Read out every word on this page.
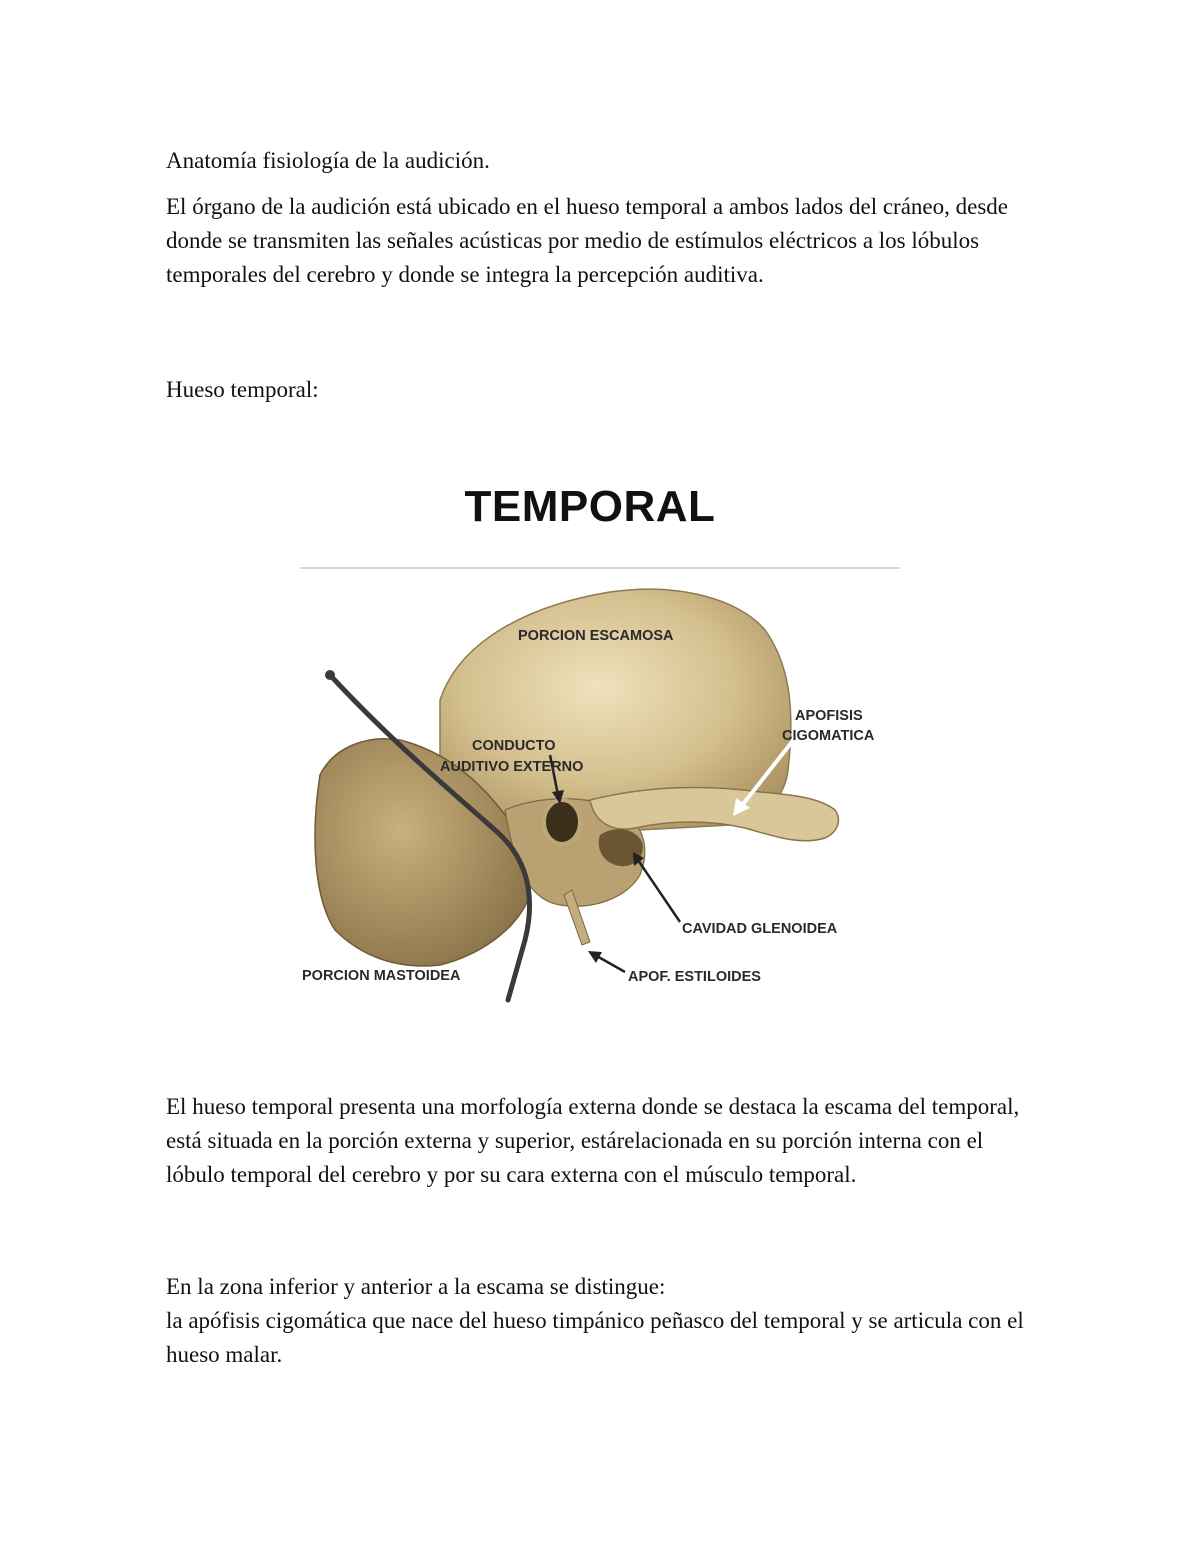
Anatomía fisiología de la audición.

El órgano de la audición está ubicado en el hueso temporal a ambos lados del cráneo, desde donde se transmiten las señales acústicas por medio de estímulos eléctricos a los lóbulos temporales del cerebro y donde se integra la percepción auditiva.

Hueso temporal:

TEMPORAL
PORCION ESCAMOSA
APOFISIS
CIGOMATICA
CONDUCTO
AUDITIVO EXTERNO
CAVIDAD GLENOIDEA
PORCION MASTOIDEA	APOF. ESTILOIDES

El hueso temporal presenta una morfología externa donde se destaca la escama del temporal, está situada en la porción externa y superior, estárelacionada en su porción interna con el lóbulo temporal del cerebro y por su cara externa con el músculo temporal.

En la zona inferior y anterior a la escama se distingue:

la apófisis cigomática que nace del hueso timpánico peñasco del temporal y se articula con el hueso malar.
